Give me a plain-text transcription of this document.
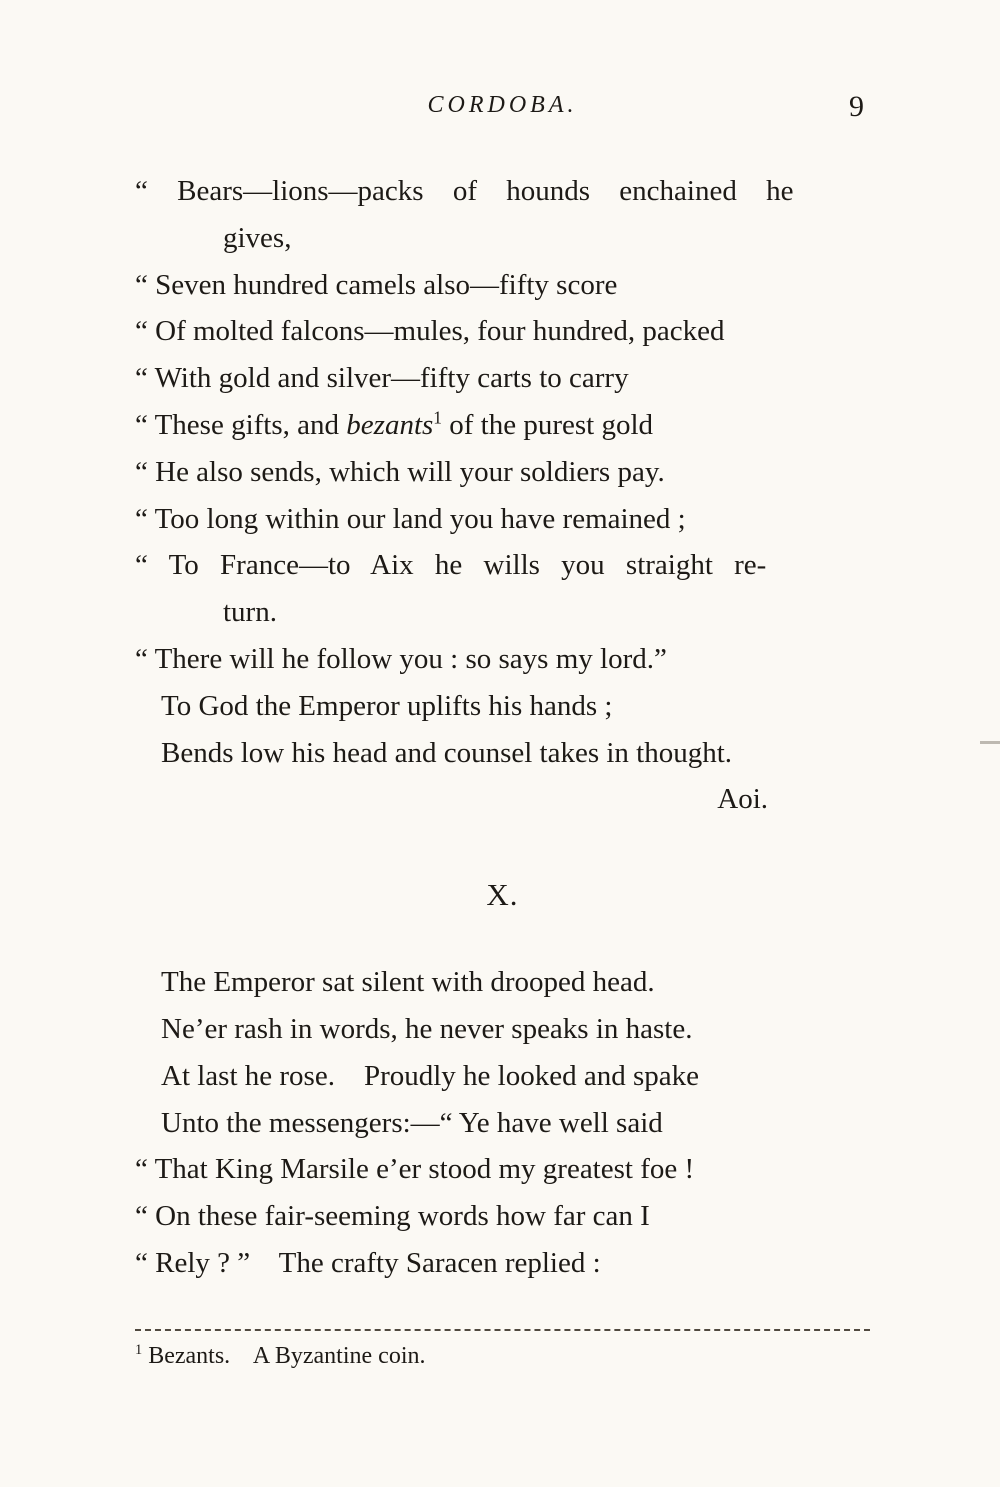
CORDOBA.	9
“ Bears—lions—packs of hounds enchained he
gives,
“ Seven hundred camels also—fifty score
“ Of molted falcons—mules, four hundred, packed
“ With gold and silver—fifty carts to carry
“ These gifts, and bezants$^1$ of the purest gold
“ He also sends, which will your soldiers pay.
“ Too long within our land you have remained ;
“ To France—to Aix he wills you straight re-
turn.
“ There will he follow you : so says my lord.”
To God the Emperor uplifts his hands ;
Bends low his head and counsel takes in thought.
Aoi.
X.
The Emperor sat silent with drooped head.
Ne’er rash in words, he never speaks in haste.
At last he rose.    Proudly he looked and spake
Unto the messengers:—“ Ye have well said
“ That King Marsile e’er stood my greatest foe !
“ On these fair-seeming words how far can I
“ Rely ? ”    The crafty Saracen replied :
$^1$ Bezants.    A Byzantine coin.
